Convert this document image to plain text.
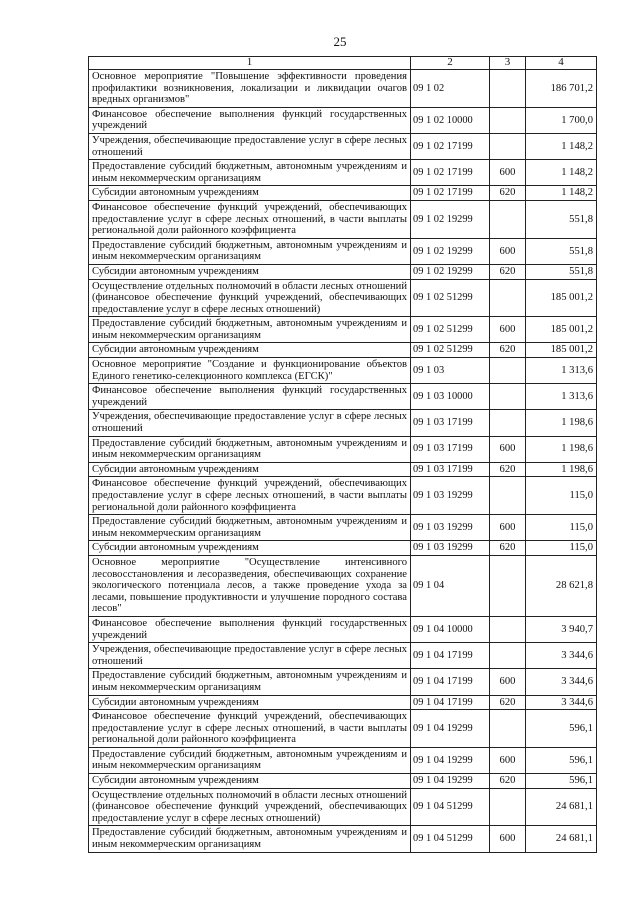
25
1	2	3	4
Основное мероприятие "Повышение эффективности проведения профилактики возникновения, локализации и ликвидации очагов вредных организмов"	09 1 02		186 701,2
Финансовое обеспечение выполнения функций государственных учреждений	09 1 02 10000		1 700,0
Учреждения, обеспечивающие предоставление услуг в сфере лесных отношений	09 1 02 17199		1 148,2
Предоставление субсидий бюджетным, автономным учреждениям и иным некоммерческим организациям	09 1 02 17199	600	1 148,2
Субсидии автономным учреждениям	09 1 02 17199	620	1 148,2
Финансовое обеспечение функций учреждений, обеспечивающих предоставление услуг в сфере лесных отношений, в части выплаты региональной доли районного коэффициента	09 1 02 19299		551,8
Предоставление субсидий бюджетным, автономным учреждениям и иным некоммерческим организациям	09 1 02 19299	600	551,8
Субсидии автономным учреждениям	09 1 02 19299	620	551,8
Осуществление отдельных полномочий в области лесных отношений (финансовое обеспечение функций учреждений, обеспечивающих предоставление услуг в сфере лесных отношений)	09 1 02 51299		185 001,2
Предоставление субсидий бюджетным, автономным учреждениям и иным некоммерческим организациям	09 1 02 51299	600	185 001,2
Субсидии автономным учреждениям	09 1 02 51299	620	185 001,2
Основное мероприятие "Создание и функционирование объектов Единого генетико-селекционного комплекса (ЕГСК)"	09 1 03		1 313,6
Финансовое обеспечение выполнения функций государственных учреждений	09 1 03 10000		1 313,6
Учреждения, обеспечивающие предоставление услуг в сфере лесных отношений	09 1 03 17199		1 198,6
Предоставление субсидий бюджетным, автономным учреждениям и иным некоммерческим организациям	09 1 03 17199	600	1 198,6
Субсидии автономным учреждениям	09 1 03 17199	620	1 198,6
Финансовое обеспечение функций учреждений, обеспечивающих предоставление услуг в сфере лесных отношений, в части выплаты региональной доли районного коэффициента	09 1 03 19299		115,0
Предоставление субсидий бюджетным, автономным учреждениям и иным некоммерческим организациям	09 1 03 19299	600	115,0
Субсидии автономным учреждениям	09 1 03 19299	620	115,0
Основное мероприятие "Осуществление интенсивного лесовосстановления и лесоразведения, обеспечивающих сохранение экологического потенциала лесов, а также проведение ухода за лесами, повышение продуктивности и улучшение породного состава лесов"	09 1 04		28 621,8
Финансовое обеспечение выполнения функций государственных учреждений	09 1 04 10000		3 940,7
Учреждения, обеспечивающие предоставление услуг в сфере лесных отношений	09 1 04 17199		3 344,6
Предоставление субсидий бюджетным, автономным учреждениям и иным некоммерческим организациям	09 1 04 17199	600	3 344,6
Субсидии автономным учреждениям	09 1 04 17199	620	3 344,6
Финансовое обеспечение функций учреждений, обеспечивающих предоставление услуг в сфере лесных отношений, в части выплаты региональной доли районного коэффициента	09 1 04 19299		596,1
Предоставление субсидий бюджетным, автономным учреждениям и иным некоммерческим организациям	09 1 04 19299	600	596,1
Субсидии автономным учреждениям	09 1 04 19299	620	596,1
Осуществление отдельных полномочий в области лесных отношений (финансовое обеспечение функций учреждений, обеспечивающих предоставление услуг в сфере лесных отношений)	09 1 04 51299		24 681,1
Предоставление субсидий бюджетным, автономным учреждениям и иным некоммерческим организациям	09 1 04 51299	600	24 681,1
